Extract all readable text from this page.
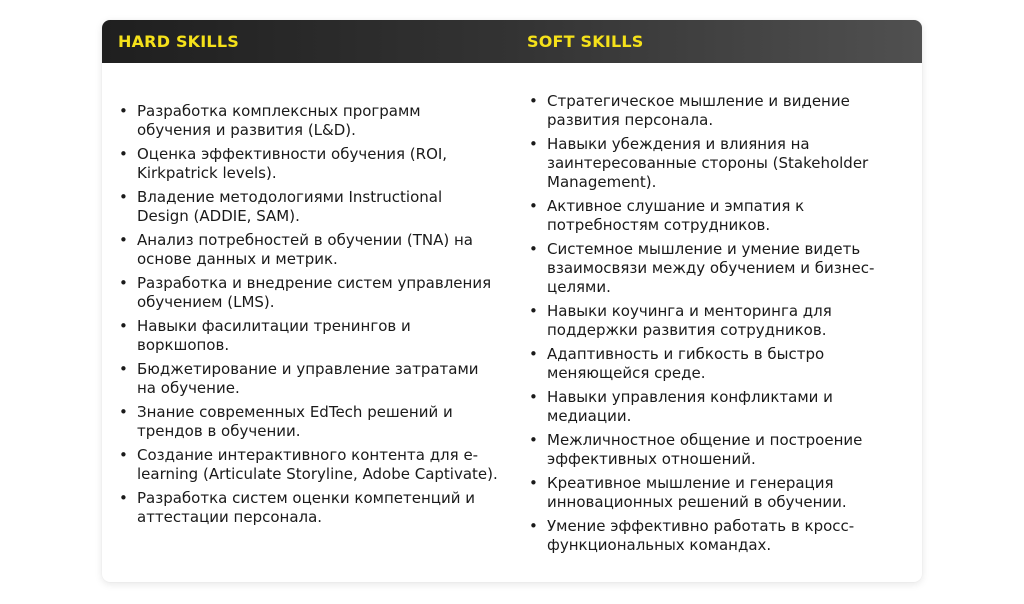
HARD SKILLS	SOFT SKILLS
• Разработка комплексных программ обучения и развития (L&D).
• Оценка эффективности обучения (ROI, Kirkpatrick levels).
• Владение методологиями Instructional Design (ADDIE, SAM).
• Анализ потребностей в обучении (TNA) на основе данных и метрик.
• Разработка и внедрение систем управления обучением (LMS).
• Навыки фасилитации тренингов и воркшопов.
• Бюджетирование и управление затратами на обучение.
• Знание современных EdTech решений и трендов в обучении.
• Создание интерактивного контента для e-learning (Articulate Storyline, Adobe Captivate).
• Разработка систем оценки компетенций и аттестации персонала.
• Стратегическое мышление и видение развития персонала.
• Навыки убеждения и влияния на заинтересованные стороны (Stakeholder Management).
• Активное слушание и эмпатия к потребностям сотрудников.
• Системное мышление и умение видеть взаимосвязи между обучением и бизнес-целями.
• Навыки коучинга и менторинга для поддержки развития сотрудников.
• Адаптивность и гибкость в быстро меняющейся среде.
• Навыки управления конфликтами и медиации.
• Межличностное общение и построение эффективных отношений.
• Креативное мышление и генерация инновационных решений в обучении.
• Умение эффективно работать в кросс-функциональных командах.
